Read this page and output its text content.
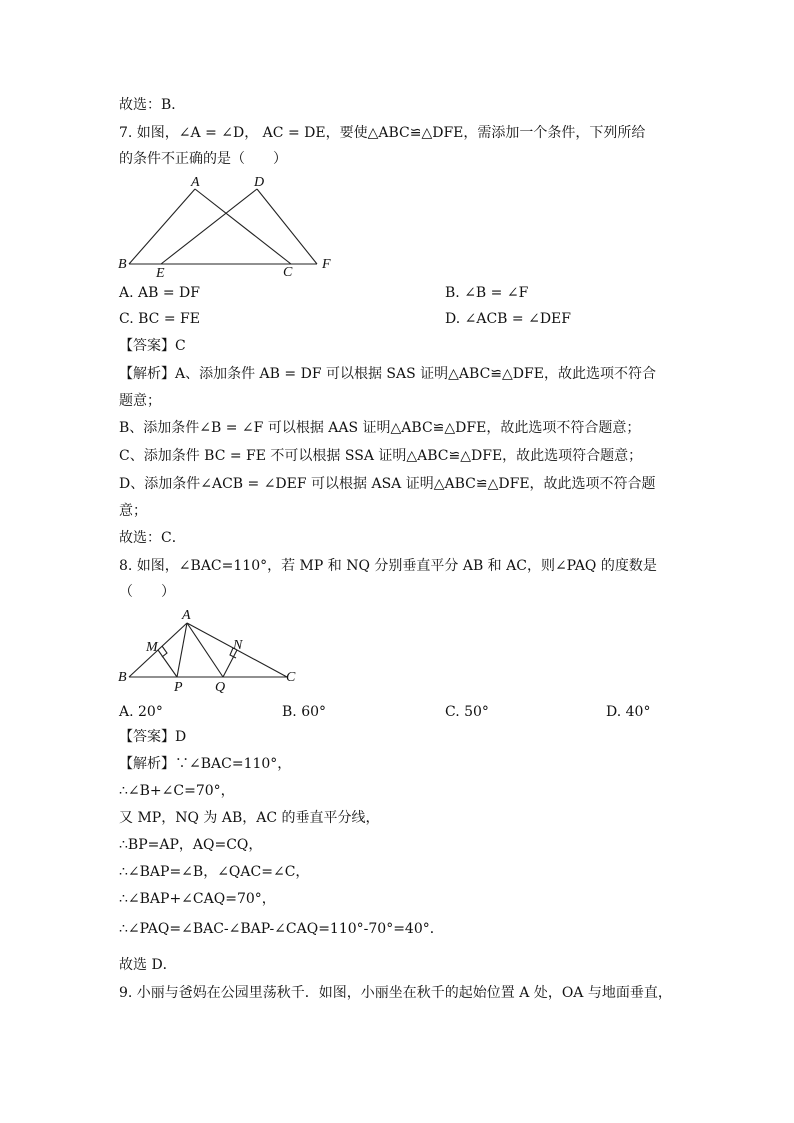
故选：B．
7. 如图，∠A = ∠D， AC = DE，要使△ABC≌△DFE，需添加一个条件，下列所给
的条件不正确的是（　　）
A	D
B
E	C
F
A. AB = DF	B. ∠B = ∠F
C. BC = FE	D. ∠ACB = ∠DEF
【答案】C
【解析】A、添加条件 AB = DF 可以根据 SAS 证明△ABC≌△DFE，故此选项不符合
题意；
B、添加条件∠B = ∠F 可以根据 AAS 证明△ABC≌△DFE，故此选项不符合题意；
C、添加条件 BC = FE 不可以根据 SSA 证明△ABC≌△DFE，故此选项符合题意；
D、添加条件∠ACB = ∠DEF 可以根据 ASA 证明△ABC≌△DFE，故此选项不符合题
意；
故选：C．
8. 如图，∠BAC=110°，若 MP 和 NQ 分别垂直平分 AB 和 AC，则∠PAQ 的度数是
（　　）
A
M	N
B
P Q
C
A. 20°	B. 60°	C. 50°	D. 40°
【答案】D
【解析】∵∠BAC=110°，
∴∠B+∠C=70°，
又 MP，NQ 为 AB，AC 的垂直平分线，
∴BP=AP，AQ=CQ，
∴∠BAP=∠B，∠QAC=∠C，
∴∠BAP+∠CAQ=70°，
∴∠PAQ=∠BAC-∠BAP-∠CAQ=110°-70°=40°．
故选 D．
9. 小丽与爸妈在公园里荡秋千．如图，小丽坐在秋千的起始位置 A 处，OA 与地面垂直，
